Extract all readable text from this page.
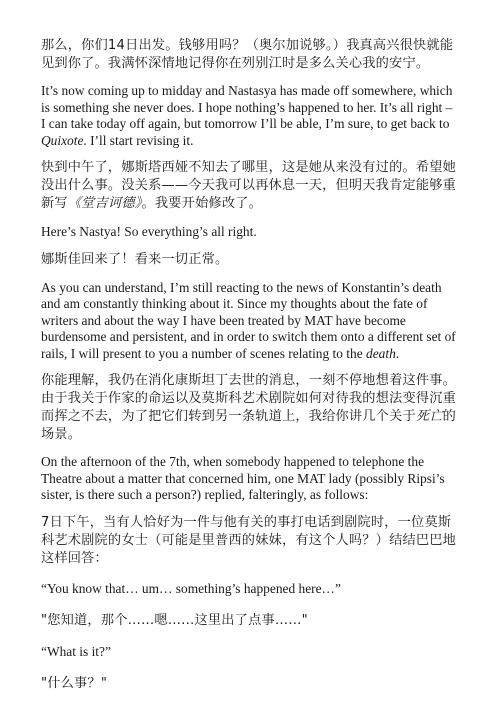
那么，你们14日出发。钱够用吗？（奥尔加说够。）我真高兴很快就能见到你了。我满怀深情地记得你在列别江时是多么关心我的安宁。

It’s now coming up to midday and Nastasya has made off somewhere, which is something she never does. I hope nothing’s happened to her. It’s all right – I can take today off again, but tomorrow I’ll be able, I’m sure, to get back to Quixote. I’ll start revising it.

快到中午了，娜斯塔西娅不知去了哪里，这是她从来没有过的。希望她没出什么事。没关系——今天我可以再休息一天，但明天我肯定能够重新写《堂吉诃德》。我要开始修改了。

Here’s Nastya! So everything’s all right.

娜斯佳回来了！看来一切正常。

As you can understand, I’m still reacting to the news of Konstantin’s death and am constantly thinking about it. Since my thoughts about the fate of writers and about the way I have been treated by MAT have become burdensome and persistent, and in order to switch them onto a different set of rails, I will present to you a number of scenes relating to the death.

你能理解，我仍在消化康斯坦丁去世的消息，一刻不停地想着这件事。由于我关于作家的命运以及莫斯科艺术剧院如何对待我的想法变得沉重而挥之不去，为了把它们转到另一条轨道上，我给你讲几个关于死亡的场景。

On the afternoon of the 7th, when somebody happened to telephone the Theatre about a matter that concerned him, one MAT lady (possibly Ripsi’s sister, is there such a person?) replied, falteringly, as follows:

7日下午，当有人恰好为一件与他有关的事打电话到剧院时，一位莫斯科艺术剧院的女士（可能是里普西的妹妹，有这个人吗？）结结巴巴地这样回答：

“You know that… um… something’s happened here…”

"您知道，那个……嗯……这里出了点事……"

“What is it?”

"什么事？"
